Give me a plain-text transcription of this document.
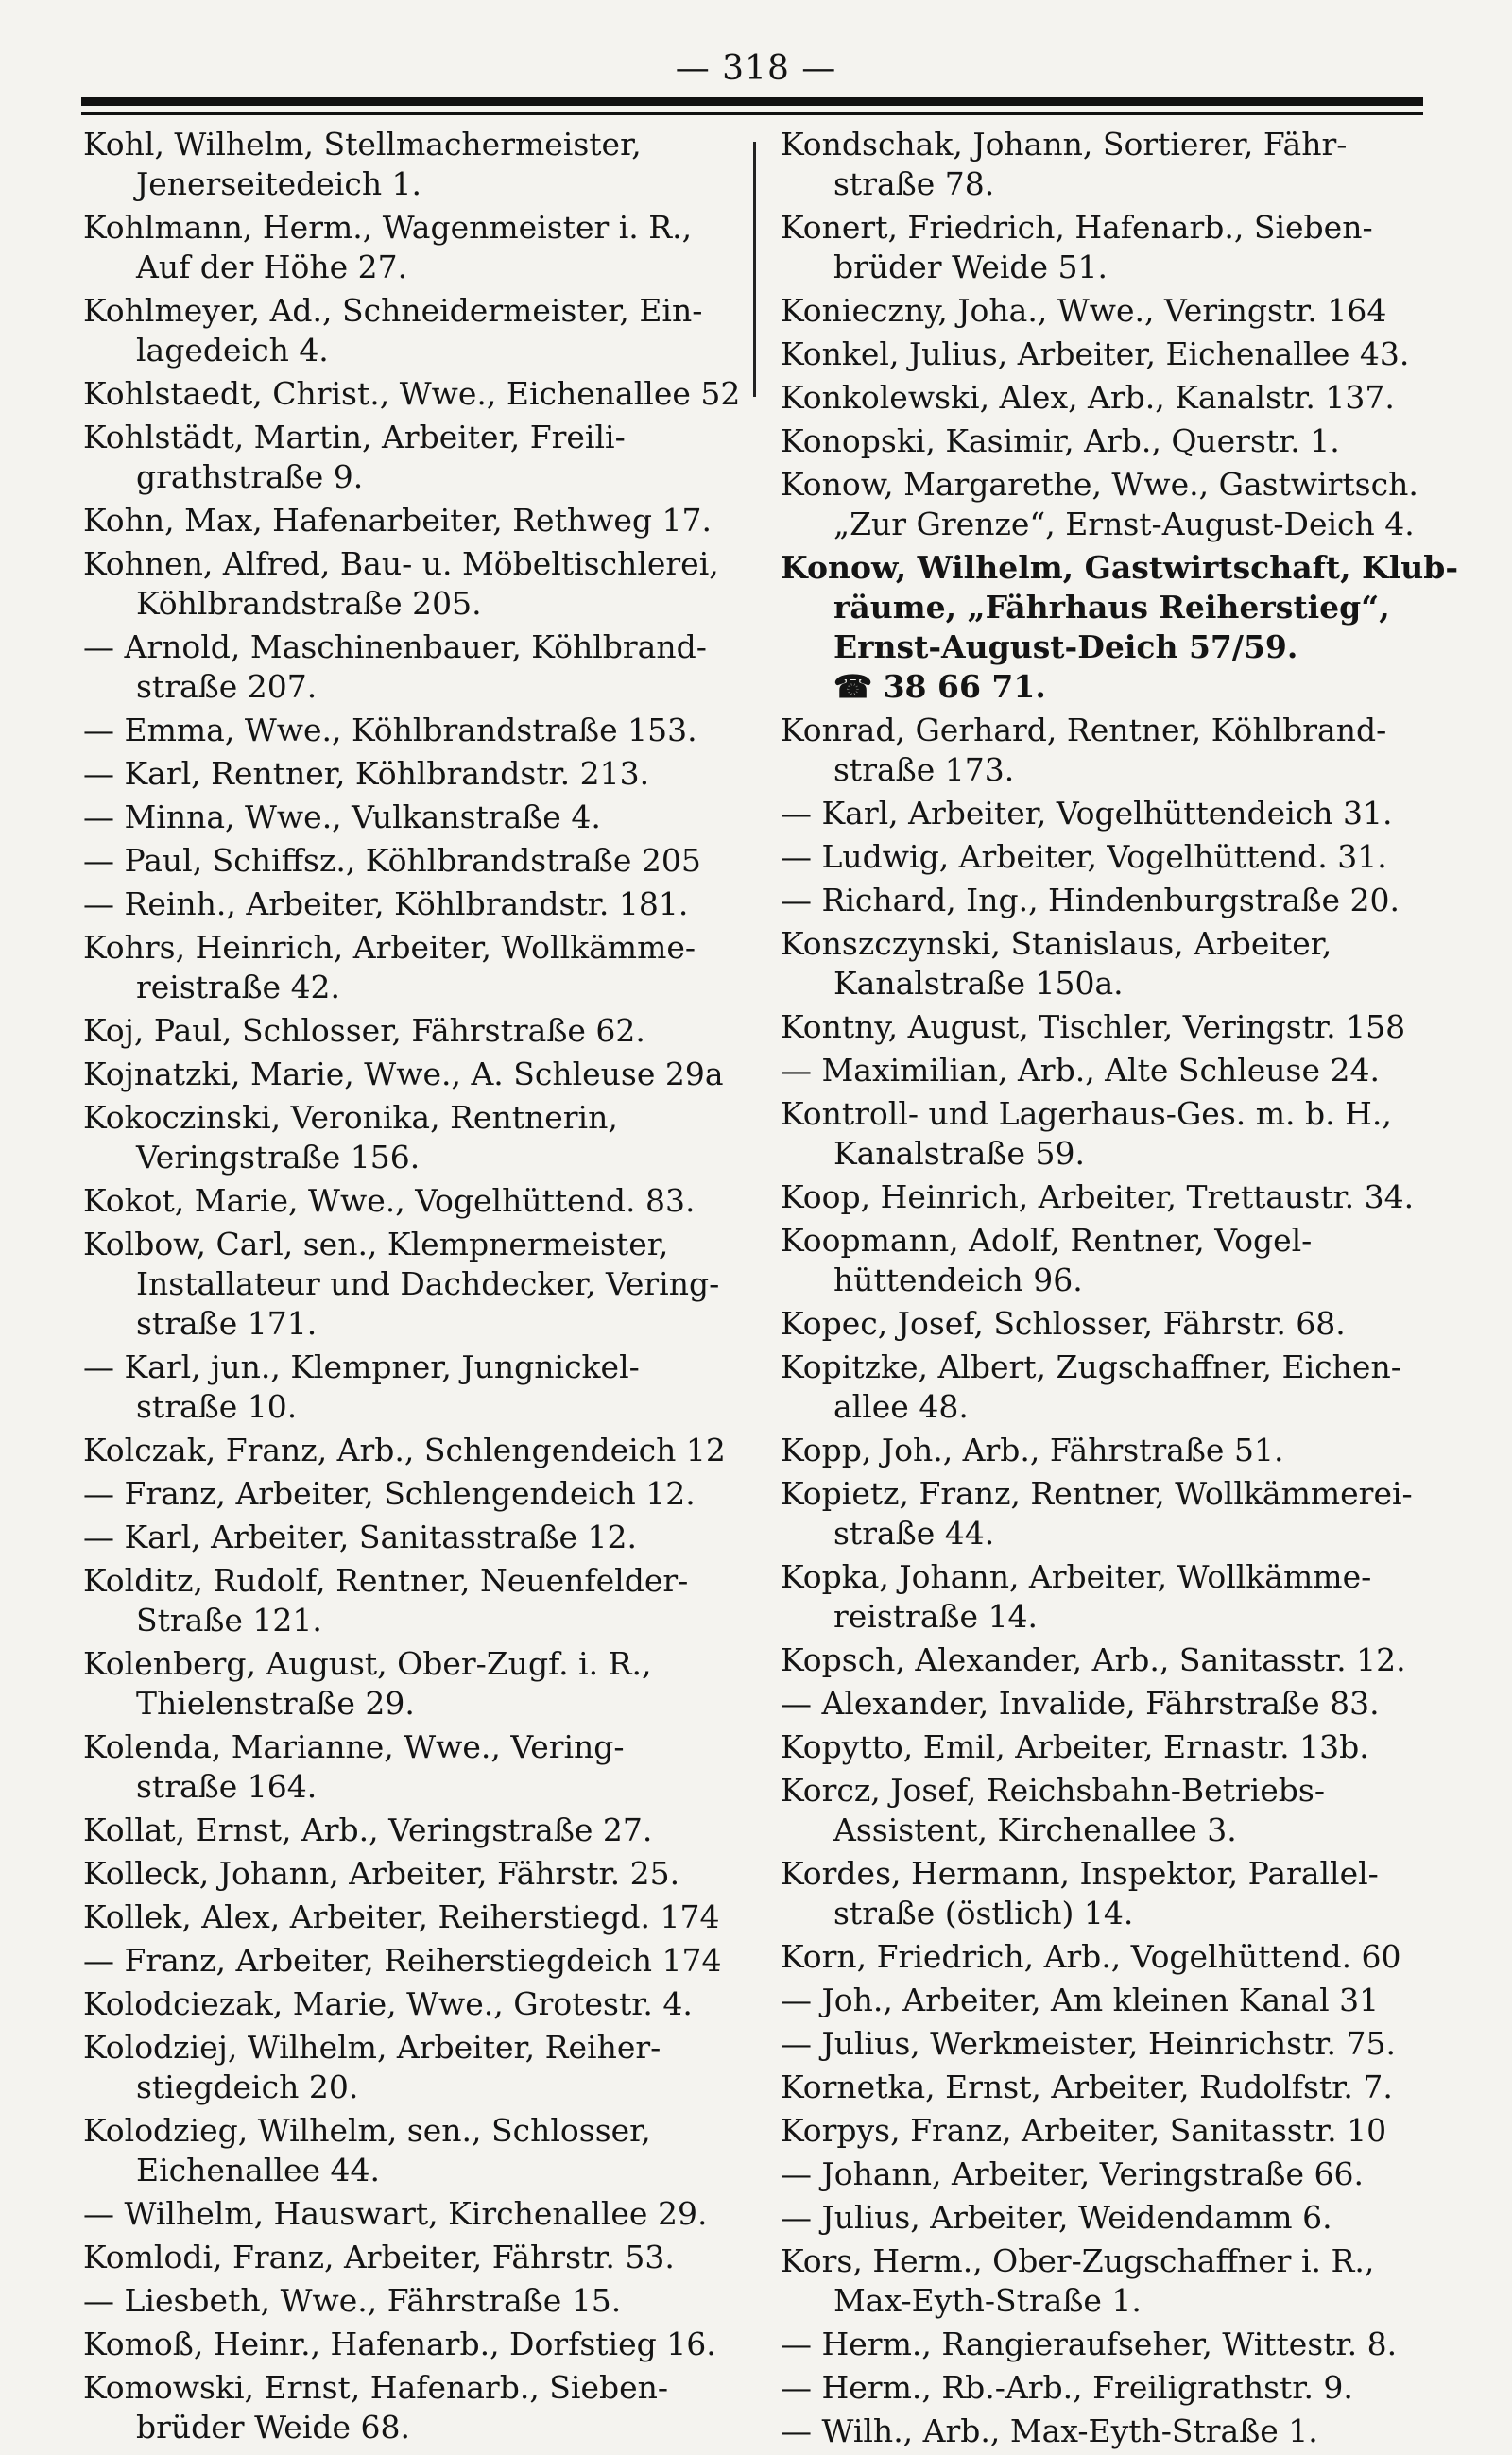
— 318 —
Kohl, Wilhelm, Stellmachermeister,
Jenerseitedeich 1.
Kohlmann, Herm., Wagenmeister i. R.,
Auf der Höhe 27.
Kohlmeyer, Ad., Schneidermeister, Ein-
lagedeich 4.
Kohlstaedt, Christ., Wwe., Eichenallee 52
Kohlstädt, Martin, Arbeiter, Freili-
grathstraße 9.
Kohn, Max, Hafenarbeiter, Rethweg 17.
Kohnen, Alfred, Bau- u. Möbeltischlerei,
Köhlbrandstraße 205.
— Arnold, Maschinenbauer, Köhlbrand-
straße 207.
— Emma, Wwe., Köhlbrandstraße 153.
— Karl, Rentner, Köhlbrandstr. 213.
— Minna, Wwe., Vulkanstraße 4.
— Paul, Schiffsz., Köhlbrandstraße 205
— Reinh., Arbeiter, Köhlbrandstr. 181.
Kohrs, Heinrich, Arbeiter, Wollkämme-
reistraße 42.
Koj, Paul, Schlosser, Fährstraße 62.
Kojnatzki, Marie, Wwe., A. Schleuse 29a
Kokoczinski, Veronika, Rentnerin,
Veringstraße 156.
Kokot, Marie, Wwe., Vogelhüttend. 83.
Kolbow, Carl, sen., Klempnermeister,
Installateur und Dachdecker, Vering-
straße 171.
— Karl, jun., Klempner, Jungnickel-
straße 10.
Kolczak, Franz, Arb., Schlengendeich 12
— Franz, Arbeiter, Schlengendeich 12.
— Karl, Arbeiter, Sanitasstraße 12.
Kolditz, Rudolf, Rentner, Neuenfelder-
Straße 121.
Kolenberg, August, Ober-Zugf. i. R.,
Thielenstraße 29.
Kolenda, Marianne, Wwe., Vering-
straße 164.
Kollat, Ernst, Arb., Veringstraße 27.
Kolleck, Johann, Arbeiter, Fährstr. 25.
Kollek, Alex, Arbeiter, Reiherstiegd. 174
— Franz, Arbeiter, Reiherstiegdeich 174
Kolodciezak, Marie, Wwe., Grotestr. 4.
Kolodziej, Wilhelm, Arbeiter, Reiher-
stiegdeich 20.
Kolodzieg, Wilhelm, sen., Schlosser,
Eichenallee 44.
— Wilhelm, Hauswart, Kirchenallee 29.
Komlodi, Franz, Arbeiter, Fährstr. 53.
— Liesbeth, Wwe., Fährstraße 15.
Komoß, Heinr., Hafenarb., Dorfstieg 16.
Komowski, Ernst, Hafenarb., Sieben-
brüder Weide 68.
Kondschak, Johann, Sortierer, Fähr-
straße 78.
Konert, Friedrich, Hafenarb., Sieben-
brüder Weide 51.
Konieczny, Joha., Wwe., Veringstr. 164
Konkel, Julius, Arbeiter, Eichenallee 43.
Konkolewski, Alex, Arb., Kanalstr. 137.
Konopski, Kasimir, Arb., Querstr. 1.
Konow, Margarethe, Wwe., Gastwirtsch.
„Zur Grenze“, Ernst-August-Deich 4.
Konow, Wilhelm, Gastwirtschaft, Klub-
räume, „Fährhaus Reiherstieg“,
Ernst-August-Deich 57/59.
☎ 38 66 71.
Konrad, Gerhard, Rentner, Köhlbrand-
straße 173.
— Karl, Arbeiter, Vogelhüttendeich 31.
— Ludwig, Arbeiter, Vogelhüttend. 31.
— Richard, Ing., Hindenburgstraße 20.
Konszczynski, Stanislaus, Arbeiter,
Kanalstraße 150a.
Kontny, August, Tischler, Veringstr. 158
— Maximilian, Arb., Alte Schleuse 24.
Kontroll- und Lagerhaus-Ges. m. b. H.,
Kanalstraße 59.
Koop, Heinrich, Arbeiter, Trettaustr. 34.
Koopmann, Adolf, Rentner, Vogel-
hüttendeich 96.
Kopec, Josef, Schlosser, Fährstr. 68.
Kopitzke, Albert, Zugschaffner, Eichen-
allee 48.
Kopp, Joh., Arb., Fährstraße 51.
Kopietz, Franz, Rentner, Wollkämmerei-
straße 44.
Kopka, Johann, Arbeiter, Wollkämme-
reistraße 14.
Kopsch, Alexander, Arb., Sanitasstr. 12.
— Alexander, Invalide, Fährstraße 83.
Kopytto, Emil, Arbeiter, Ernastr. 13b.
Korcz, Josef, Reichsbahn-Betriebs-
Assistent, Kirchenallee 3.
Kordes, Hermann, Inspektor, Parallel-
straße (östlich) 14.
Korn, Friedrich, Arb., Vogelhüttend. 60
— Joh., Arbeiter, Am kleinen Kanal 31
— Julius, Werkmeister, Heinrichstr. 75.
Kornetka, Ernst, Arbeiter, Rudolfstr. 7.
Korpys, Franz, Arbeiter, Sanitasstr. 10
— Johann, Arbeiter, Veringstraße 66.
— Julius, Arbeiter, Weidendamm 6.
Kors, Herm., Ober-Zugschaffner i. R.,
Max-Eyth-Straße 1.
— Herm., Rangieraufseher, Wittestr. 8.
— Herm., Rb.-Arb., Freiligrathstr. 9.
— Wilh., Arb., Max-Eyth-Straße 1.
